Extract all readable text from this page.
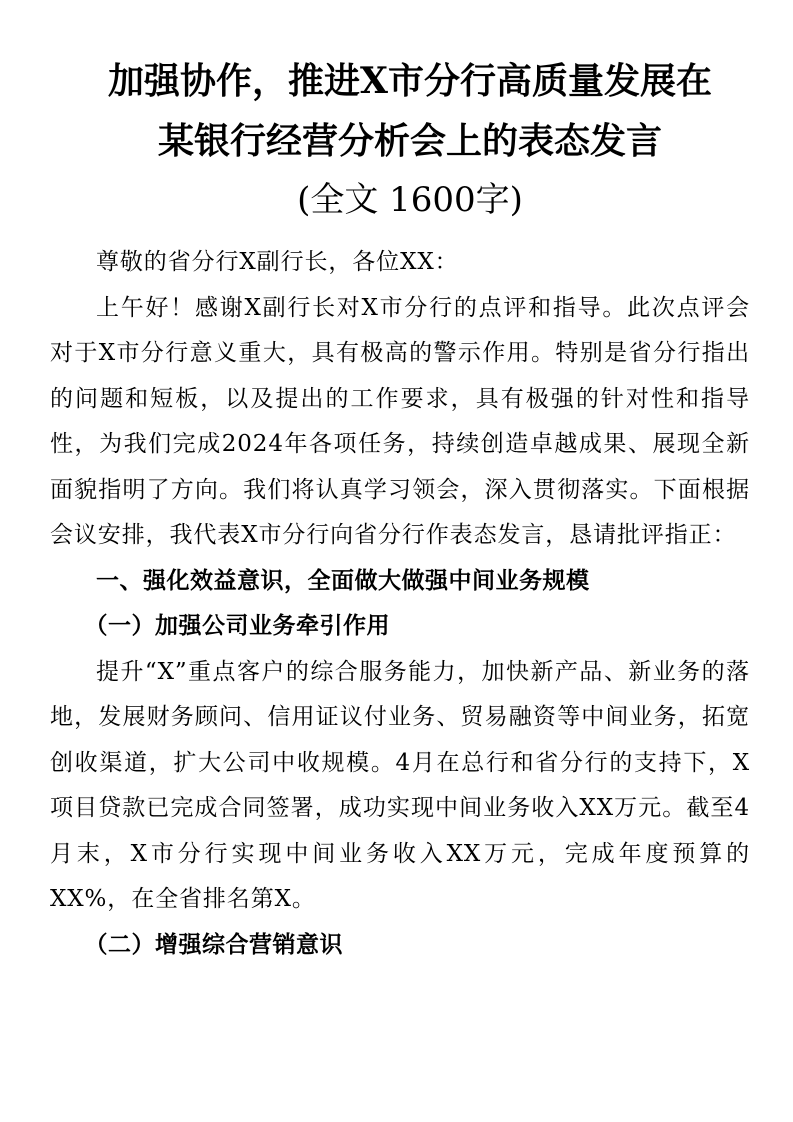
加强协作，推进X市分行高质量发展在
某银行经营分析会上的表态发言
(全文 1600字)

尊敬的省分行X副行长，各位XX：

上午好！感谢X副行长对X市分行的点评和指导。此次点评会对于X市分行意义重大，具有极高的警示作用。特别是省分行指出的问题和短板，以及提出的工作要求，具有极强的针对性和指导性，为我们完成2024年各项任务，持续创造卓越成果、展现全新面貌指明了方向。我们将认真学习领会，深入贯彻落实。下面根据会议安排，我代表X市分行向省分行作表态发言，恳请批评指正：

一、强化效益意识，全面做大做强中间业务规模
（一）加强公司业务牵引作用

提升“X”重点客户的综合服务能力，加快新产品、新业务的落地，发展财务顾问、信用证议付业务、贸易融资等中间业务，拓宽创收渠道，扩大公司中收规模。4月在总行和省分行的支持下，X项目贷款已完成合同签署，成功实现中间业务收入XX万元。截至4月末，X市分行实现中间业务收入XX万元，完成年度预算的XX%，在全省排名第X。

（二）增强综合营销意识
